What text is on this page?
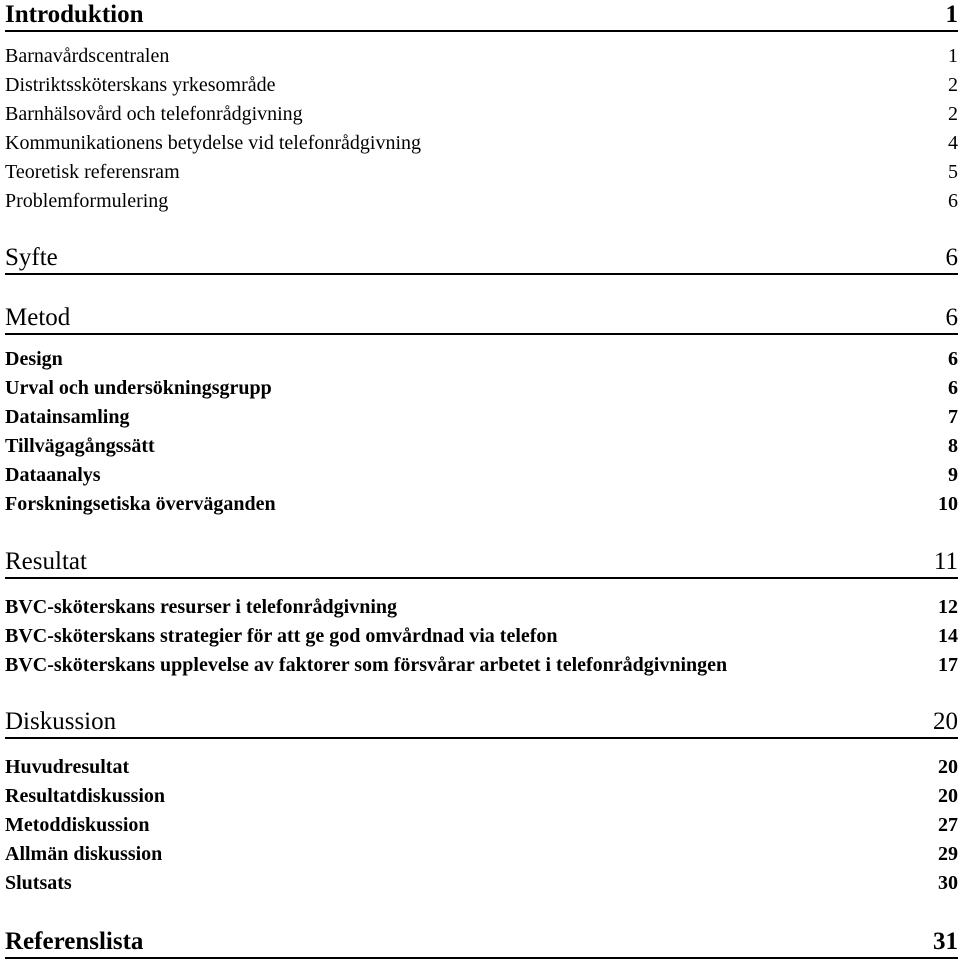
Introduktion	1
Barnavårdscentralen	1
Distriktssköterskans yrkesområde	2
Barnhälsovård och telefonrådgivning	2
Kommunikationens betydelse vid telefonrådgivning	4
Teoretisk referensram	5
Problemformulering	6
Syfte	6
Metod	6
Design	6
Urval och undersökningsgrupp	6
Datainsamling	7
Tillvägagångssätt	8
Dataanalys	9
Forskningsetiska överväganden	10
Resultat	11
BVC-sköterskans resurser i telefonrådgivning	12
BVC-sköterskans strategier för att ge god omvårdnad via telefon	14
BVC-sköterskans upplevelse av faktorer som försvårar arbetet i telefonrådgivningen	17
Diskussion	20
Huvudresultat	20
Resultatdiskussion	20
Metoddiskussion	27
Allmän diskussion	29
Slutsats	30
Referenslista	31
